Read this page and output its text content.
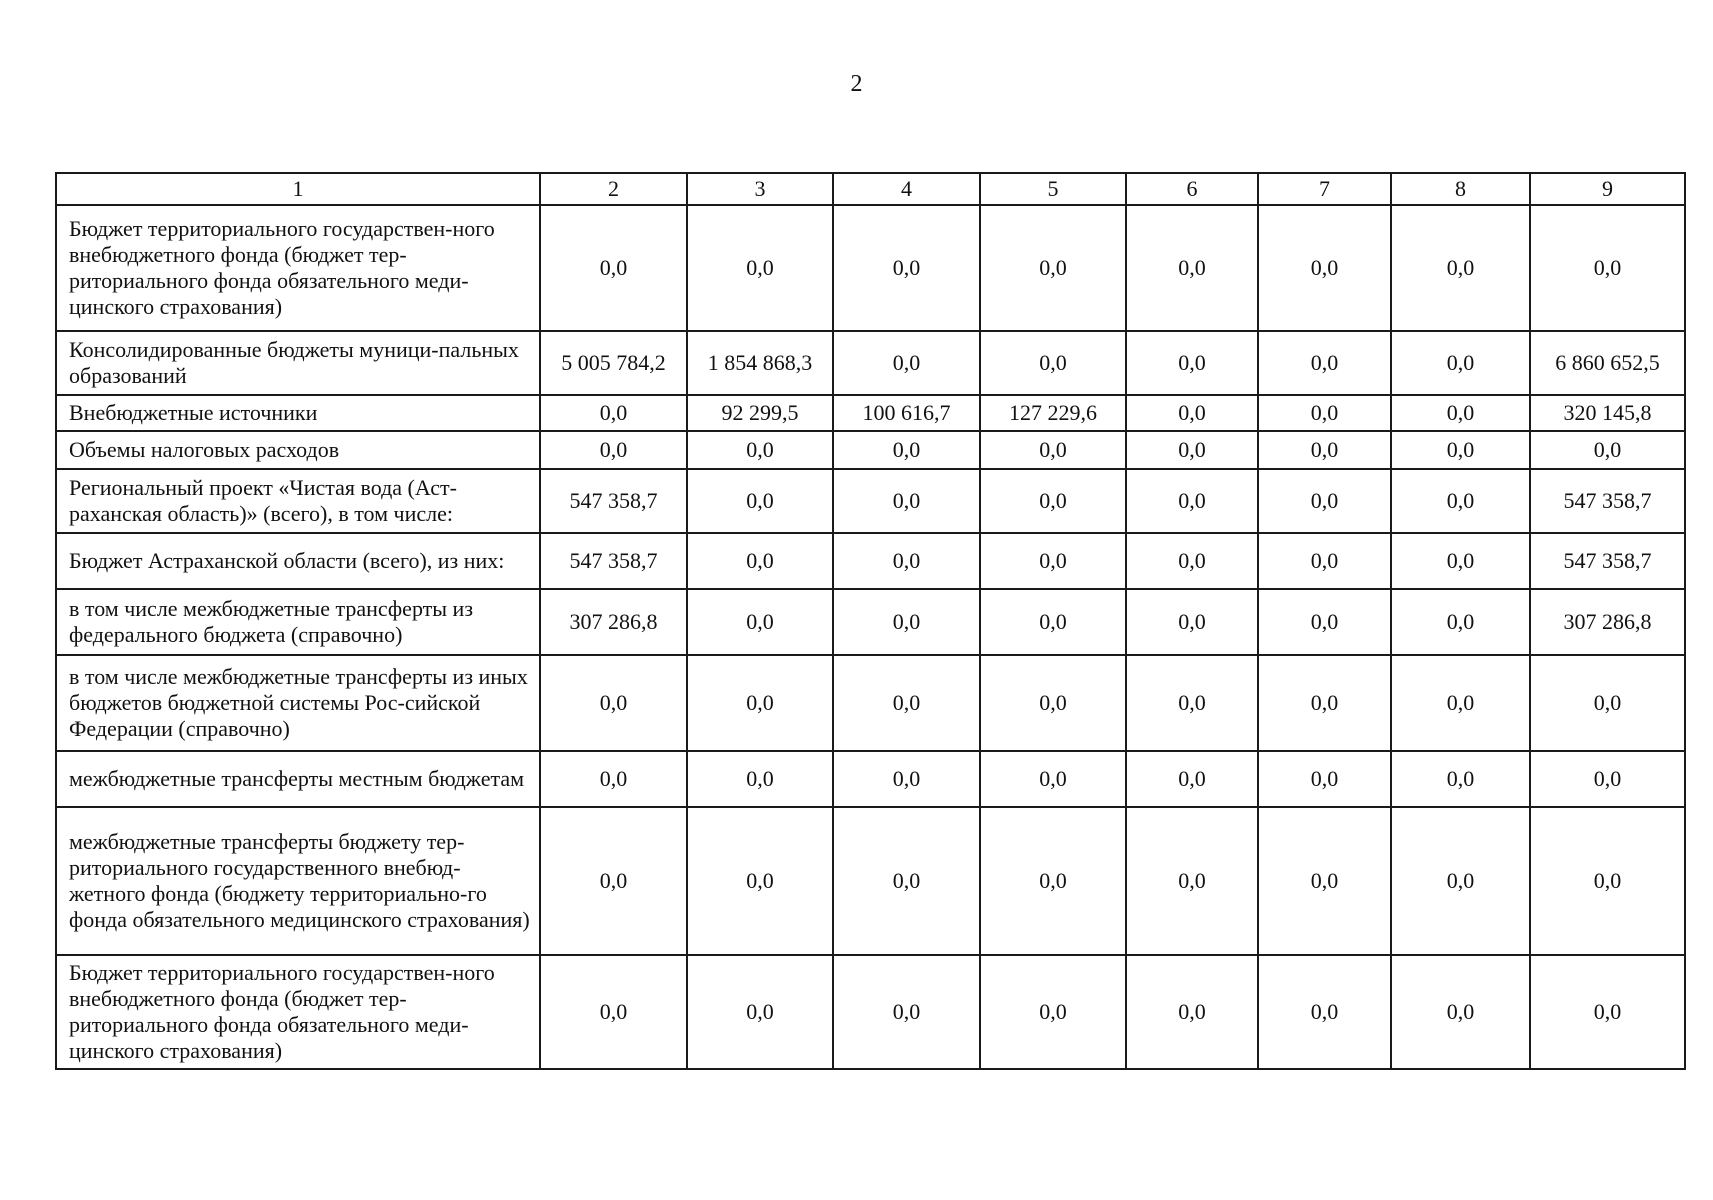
2
1	2	3	4	5	6	7	8	9
Бюджет территориального государствен-ного внебюджетного фонда (бюджет тер-риториального фонда обязательного меди-цинского страхования)	0,0	0,0	0,0	0,0	0,0	0,0	0,0	0,0
Консолидированные бюджеты муници-пальных образований	5 005 784,2	1 854 868,3	0,0	0,0	0,0	0,0	0,0	6 860 652,5
Внебюджетные источники	0,0	92 299,5	100 616,7	127 229,6	0,0	0,0	0,0	320 145,8
Объемы налоговых расходов	0,0	0,0	0,0	0,0	0,0	0,0	0,0	0,0
Региональный проект «Чистая вода (Аст-раханская область)» (всего), в том числе:	547 358,7	0,0	0,0	0,0	0,0	0,0	0,0	547 358,7
Бюджет Астраханской области (всего), из них:	547 358,7	0,0	0,0	0,0	0,0	0,0	0,0	547 358,7
в том числе межбюджетные трансферты из федерального бюджета (справочно)	307 286,8	0,0	0,0	0,0	0,0	0,0	0,0	307 286,8
в том числе межбюджетные трансферты из иных бюджетов бюджетной системы Рос-сийской Федерации (справочно)	0,0	0,0	0,0	0,0	0,0	0,0	0,0	0,0
межбюджетные трансферты местным бюджетам	0,0	0,0	0,0	0,0	0,0	0,0	0,0	0,0
межбюджетные трансферты бюджету тер-риториального государственного внебюд-жетного фонда (бюджету территориально-го фонда обязательного медицинского страхования)	0,0	0,0	0,0	0,0	0,0	0,0	0,0	0,0
Бюджет территориального государствен-ного внебюджетного фонда (бюджет тер-риториального фонда обязательного меди-цинского страхования)	0,0	0,0	0,0	0,0	0,0	0,0	0,0	0,0
